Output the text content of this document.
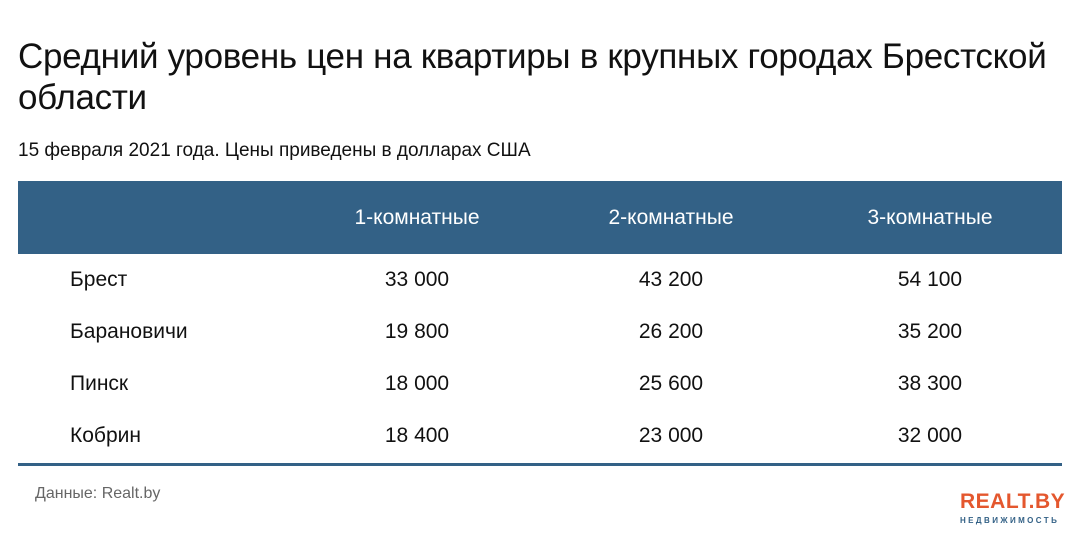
Средний уровень цен на квартиры в крупных городах Брестской области
15 февраля 2021 года. Цены приведены в долларах США
	1-комнатные	2-комнатные	3-комнатные
Брест	33 000	43 200	54 100
Барановичи	19 800	26 200	35 200
Пинск	18 000	25 600	38 300
Кобрин	18 400	23 000	32 000
Данные: Realt.by	REALT.BY
НЕДВИЖИМОСТЬ
